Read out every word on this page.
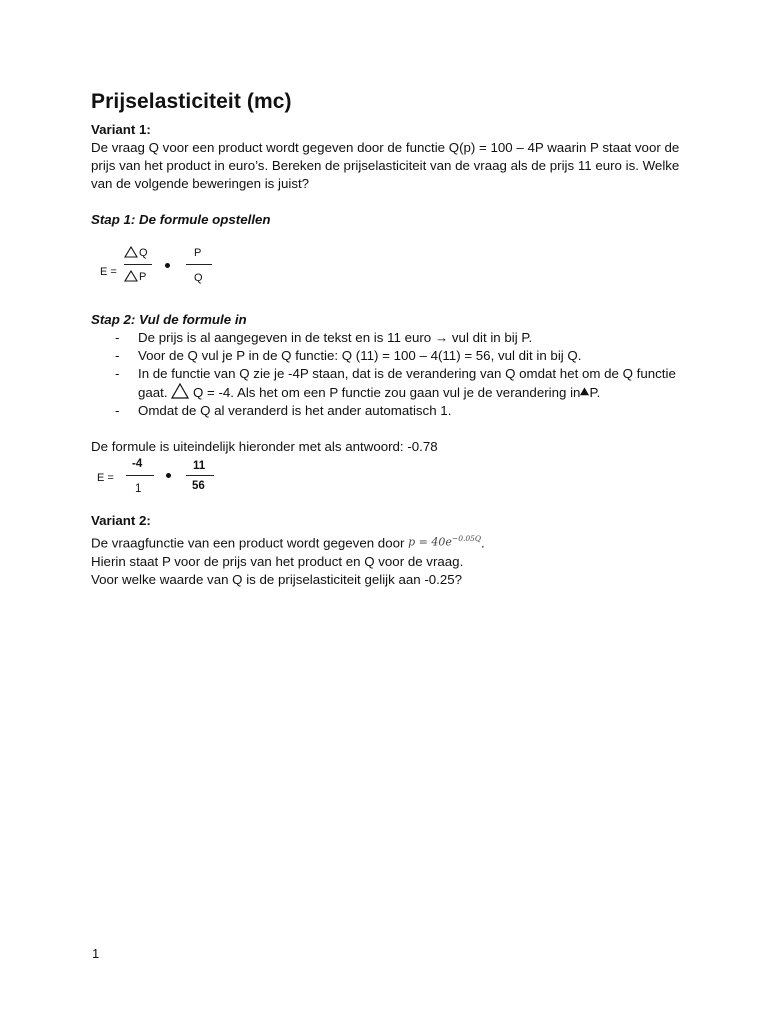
Prijselasticiteit (mc)

Variant 1:

De vraag Q voor een product wordt gegeven door de functie Q(p) = 100 – 4P waarin P staat voor de prijs van het product in euro’s. Bereken de prijselasticiteit van de vraag als de prijs 11 euro is. Welke van de volgende beweringen is juist?

Stap 1: De formule opstellen

E =
Q
P
P
Q

Stap 2: Vul de formule in

- De prijs is al aangegeven in de tekst en is 11 euro → vul dit in bij P.
- Voor de Q vul je P in de Q functie: Q (11) = 100 – 4(11) = 56, vul dit in bij Q.
- In de functie van Q zie je -4P staan, dat is de verandering van Q omdat het om de Q functie gaat.  Q = -4. Als het om een P functie zou gaan vul je de verandering in P.
- Omdat de Q al veranderd is het ander automatisch 1.

De formule is uiteindelijk hieronder met als antwoord: -0.78

E =
-4
1
11
56

Variant 2:

De vraagfunctie van een product wordt gegeven door $p = 40e^{-0.05Q}$.

Hierin staat P voor de prijs van het product en Q voor de vraag.

Voor welke waarde van Q is de prijselasticiteit gelijk aan -0.25?

1
